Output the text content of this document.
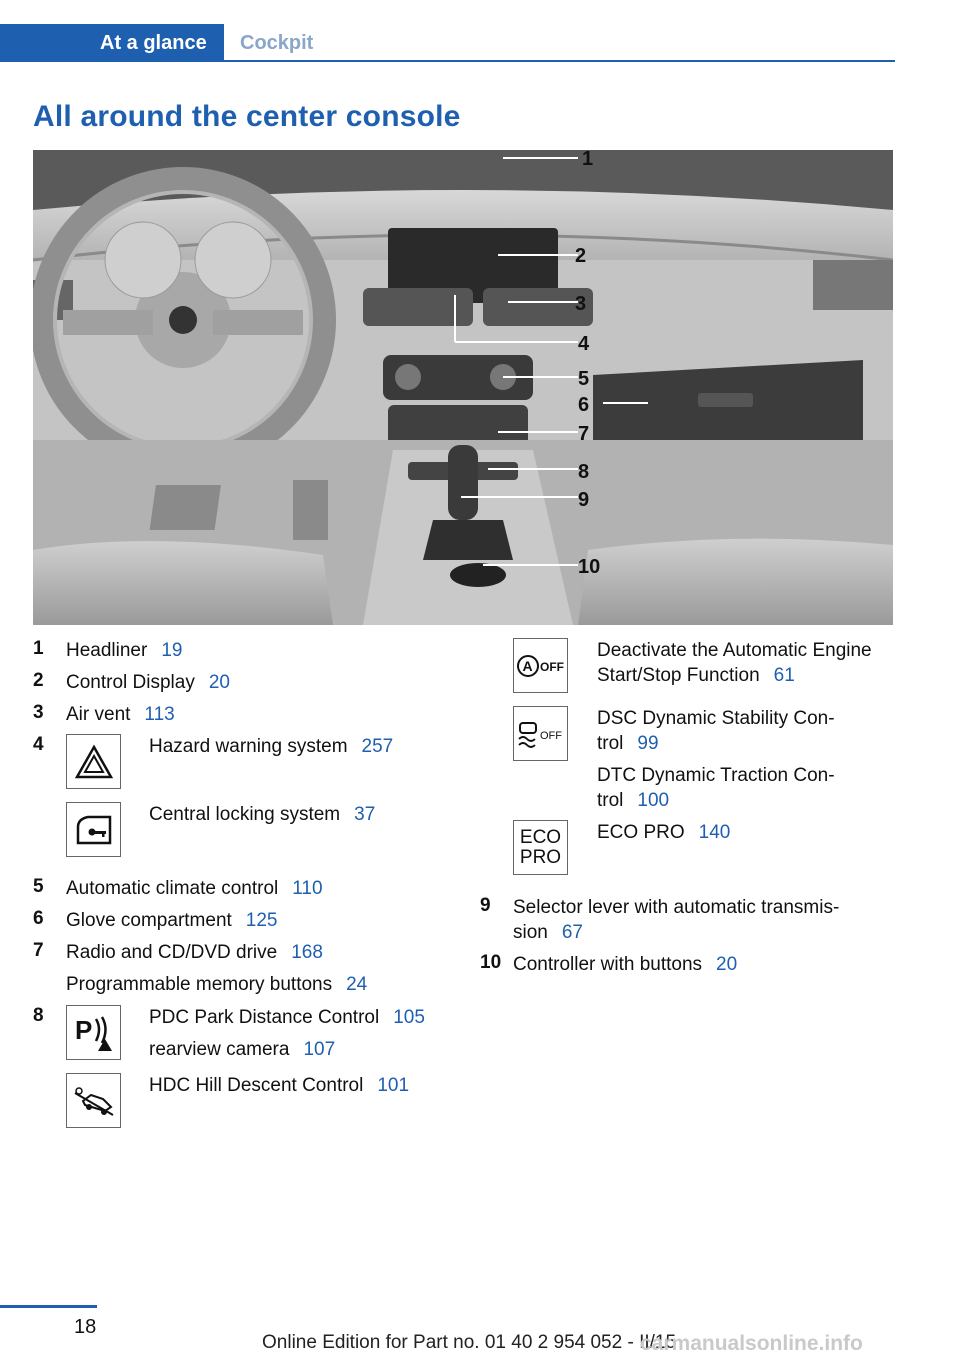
At a glance	Cockpit
All around the center console
1
2
3
4
5
6
7
8
9
10
1 Headliner 19
2 Control Display 20
3 Air vent 113
4	Hazard warning system 257
Central locking system 37
5 Automatic climate control 110
6 Glove compartment 125
7 Radio and CD/DVD drive 168
Programmable memory buttons 24
8 P	PDC Park Distance Control 105
rearview camera 107
HDC Hill Descent Control 101
A OFF
Deactivate the Automatic Engine
Start/Stop Function 61
OFF
DSC Dynamic Stability Con-
trol 99
DTC Dynamic Traction Con-
trol 100
ECO
PRO
ECO PRO 140
9 Selector lever with automatic transmis-
sion 67
10 Controller with buttons 20
18
Online Edition for Part no. 01 40 2 954 052 - II/15
carmanualsonline.info
